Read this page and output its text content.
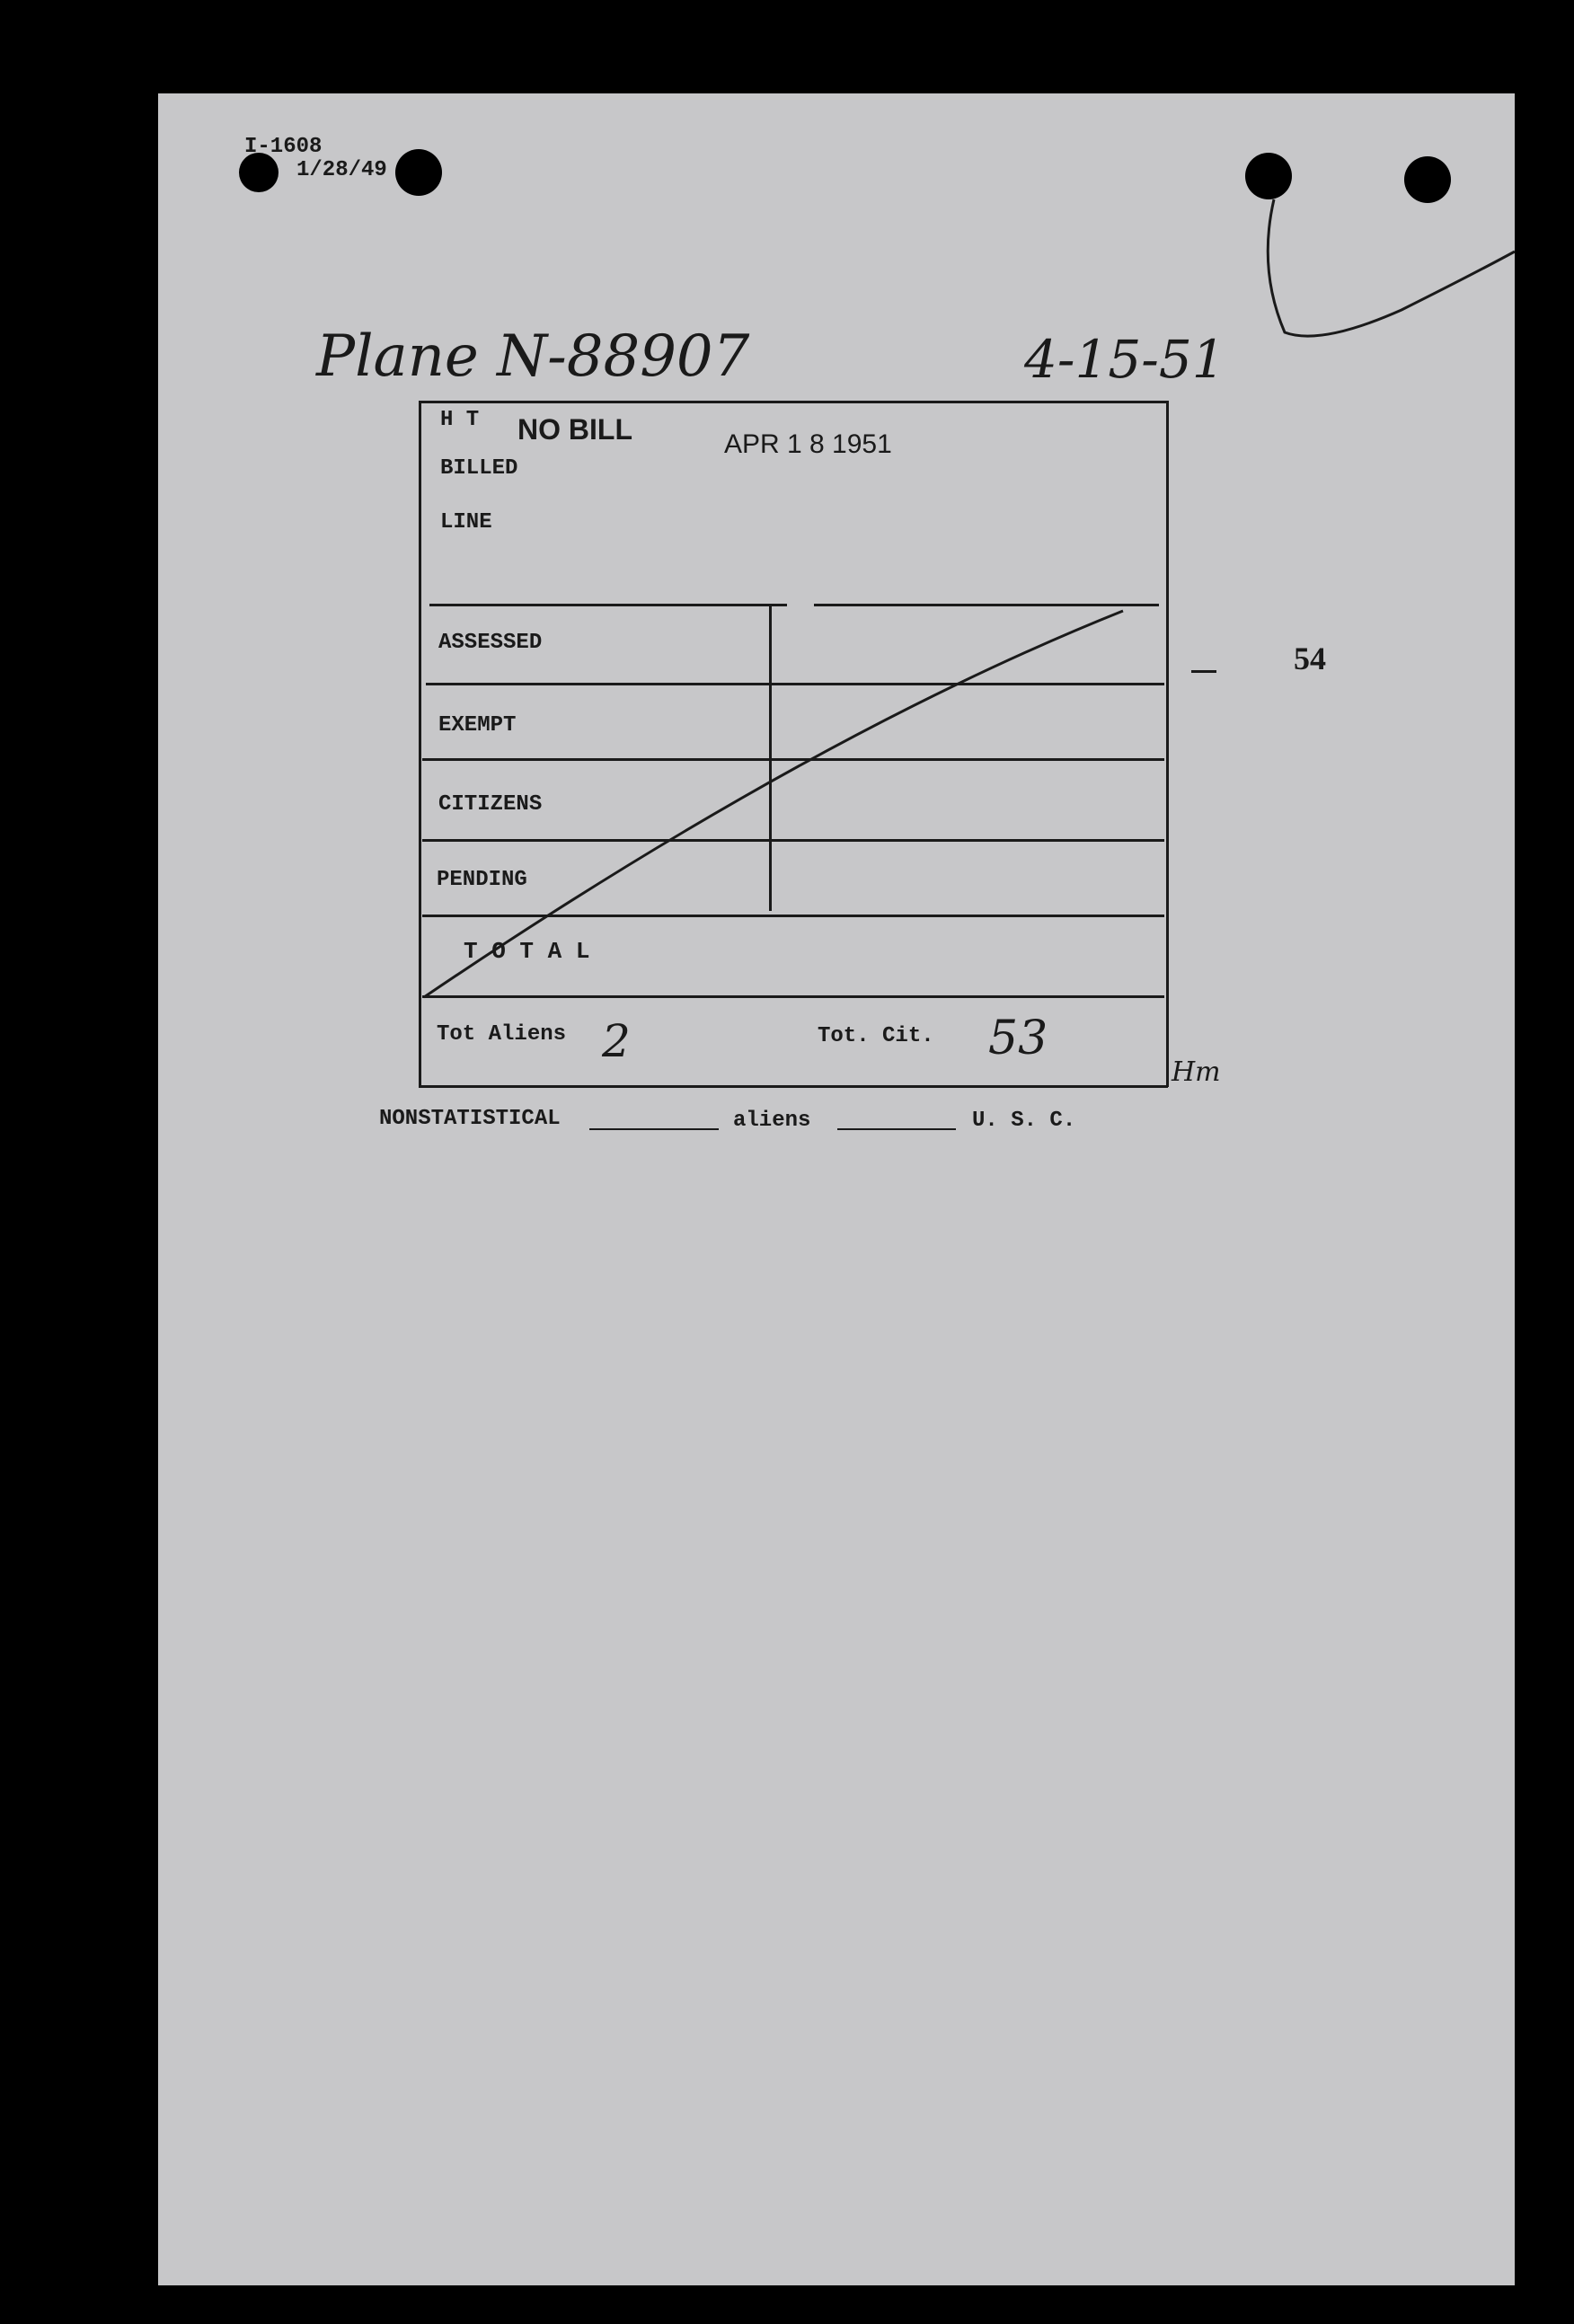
I-1608
1/28/49
Plane N-88907	4-15-51
H T NO BILL	APR 1 8 1951
BILLED
LINE
ASSESSED
EXEMPT
CITIZENS
PENDING
T O T A L
Tot Aliens 2	Tot. Cit. 53
54
Hm
NONSTATISTICAL	aliens	U. S. C.
